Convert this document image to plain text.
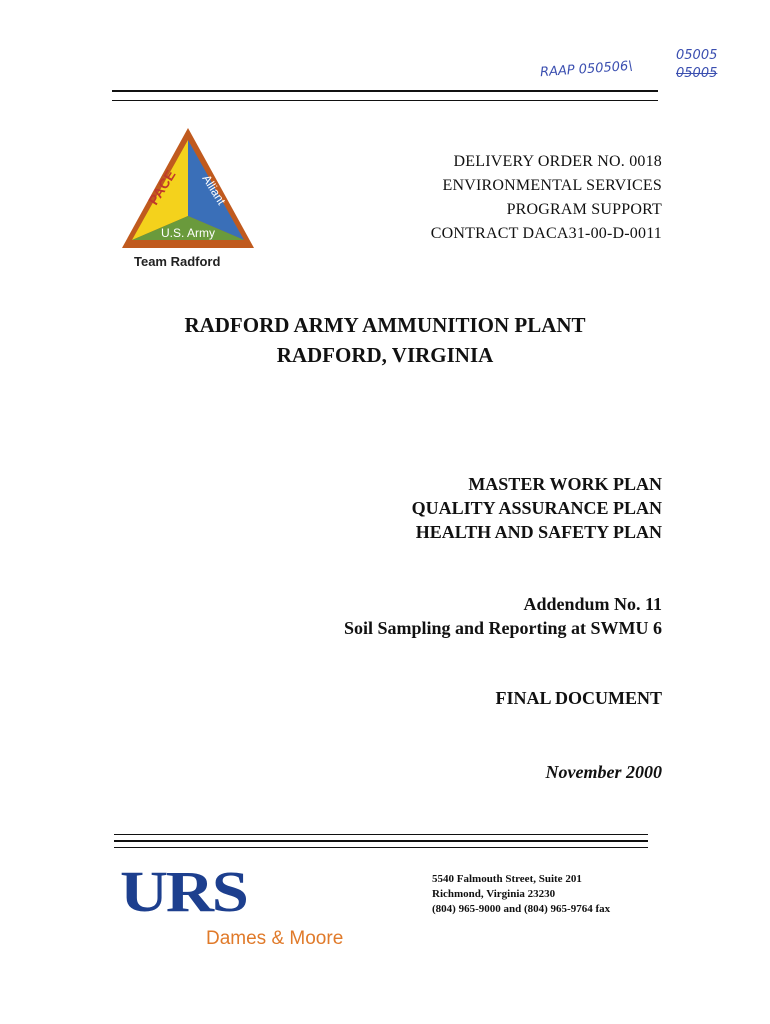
05005
RAAP 050506\	05005
PACE Alliant
U.S. Army
Team Radford
DELIVERY ORDER NO. 0018
ENVIRONMENTAL SERVICES
PROGRAM SUPPORT
CONTRACT DACA31-00-D-0011
RADFORD ARMY AMMUNITION PLANT
RADFORD, VIRGINIA
MASTER WORK PLAN
QUALITY ASSURANCE PLAN
HEALTH AND SAFETY PLAN
Addendum No. 11
Soil Sampling and Reporting at SWMU 6
FINAL DOCUMENT
November 2000
URS
Dames & Moore
5540 Falmouth Street, Suite 201
Richmond, Virginia 23230
(804) 965-9000 and (804) 965-9764 fax
